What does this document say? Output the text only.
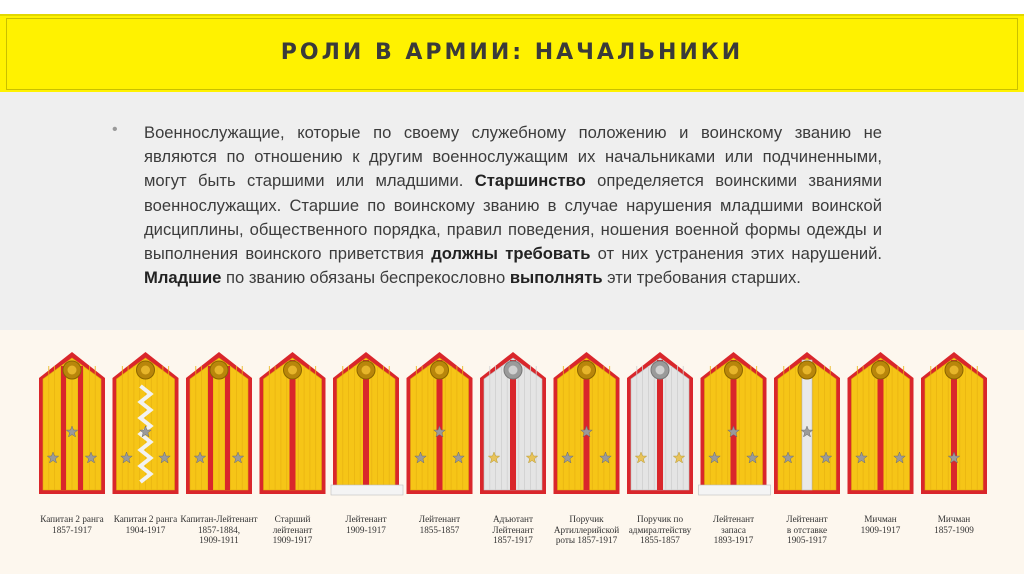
РОЛИ В АРМИИ: НАЧАЛЬНИКИ
• Военнослужащие, которые по своему служебному положению и воинскому званию не являются по отношению к другим военнослужащим их начальниками или подчиненными, могут быть старшими или младшими. Старшинство определяется воинскими званиями военнослужащих. Старшие по воинскому званию в случае нарушения младшими воинской дисциплины, общественного порядка, правил поведения, ношения военной формы одежды и выполнения воинского приветствия должны требовать от них устранения этих нарушений. Младшие по званию обязаны беспрекословно выполнять эти требования старших.
Капитан 2 ранга
1857-1917
Капитан 2 ранга
1904-1917
Капитан-Лейтенант
1857-1884,
1909-1911
Старший
лейтенант
1909-1917
Лейтенант
1909-1917
Лейтенант
1855-1857
Адъютант
Лейтенант
1857-1917
Поручик
Артиллерийской
роты 1857-1917
Поручик по
адмиралтейству
1855-1857
Лейтенант
запаса
1893-1917
Лейтенант
в отставке
1905-1917
Мичман
1909-1917
Мичман
1857-1909
